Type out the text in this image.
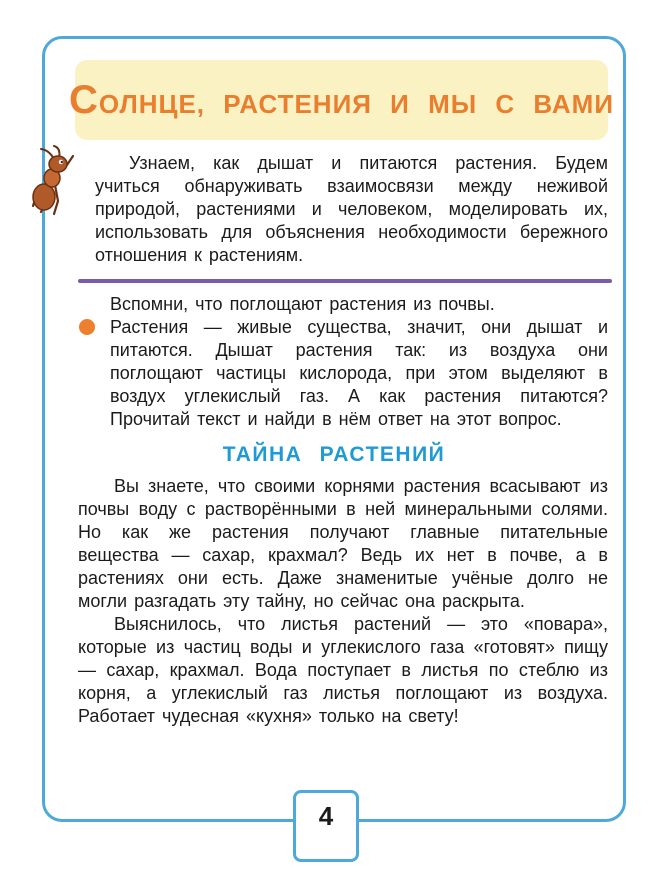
СОЛНЦЕ, РАСТЕНИЯ И МЫ С ВАМИ

Узнаем, как дышат и питаются растения. Будем учиться обнаруживать взаимосвязи между неживой природой, растениями и человеком, моделировать их, использовать для объяснения необходимости бережного отношения к растениям.

Вспомни, что поглощают растения из почвы.

Растения — живые существа, значит, они дышат и питаются. Дышат растения так: из воздуха они поглощают частицы кислорода, при этом выделяют в воздух углекислый газ. А как растения питаются? Прочитай текст и найди в нём ответ на этот вопрос.

ТАЙНА РАСТЕНИЙ

Вы знаете, что своими корнями растения всасывают из почвы воду с растворёнными в ней минеральными солями. Но как же растения получают главные питательные вещества — сахар, крахмал? Ведь их нет в почве, а в растениях они есть. Даже знаменитые учёные долго не могли разгадать эту тайну, но сейчас она раскрыта.

Выяснилось, что листья растений — это «повара», которые из частиц воды и углекислого газа «готовят» пищу — сахар, крахмал. Вода поступает в листья по стеблю из корня, а углекислый газ листья поглощают из воздуха. Работает чудесная «кухня» только на свету!

4
